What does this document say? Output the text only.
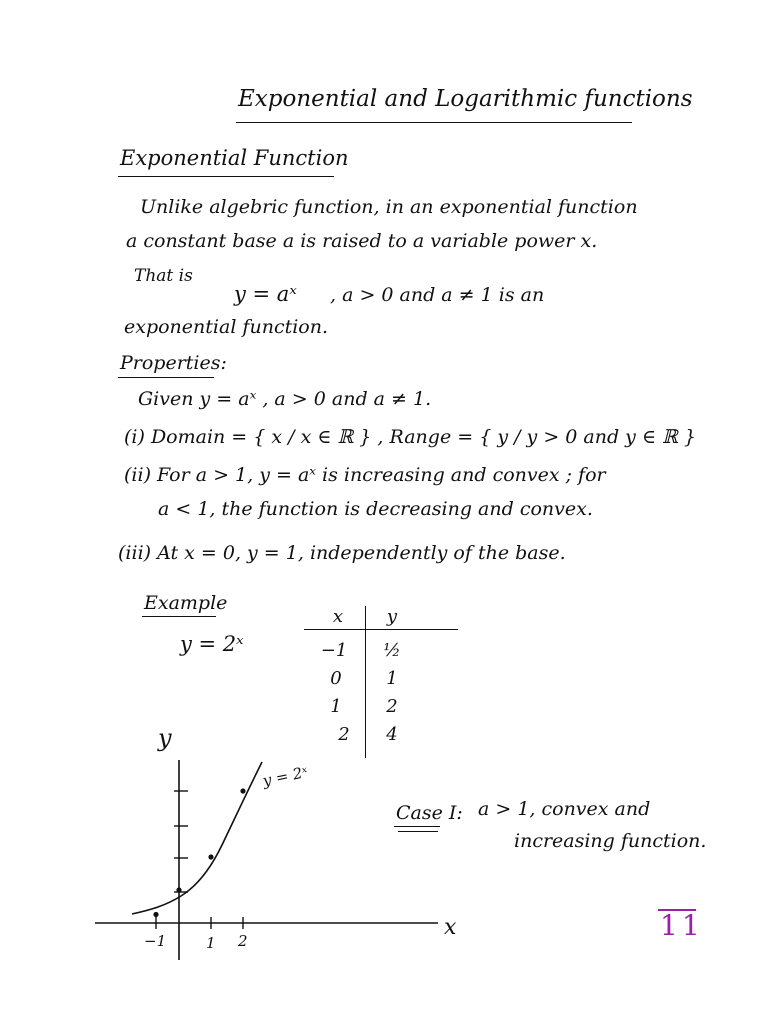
Exponential and Logarithmic functions
Exponential Function
Unlike algebric function, in an exponential function
a constant base a is raised to a variable power x.
That is
y = aˣ , a > 0 and a ≠ 1 is an
exponential function.
Properties:
Given y = aˣ , a > 0 and a ≠ 1.
(i) Domain = { x / x ∈ ℝ } , Range = { y / y > 0 and y ∈ ℝ }
(ii) For a > 1, y = aˣ is increasing and convex ; for
a < 1, the function is decreasing and convex.
(iii) At x = 0, y = 1, independently of the base.
Example
y = 2ˣ
x	y
−1	½
0	1
1	2
2	4
−1	1 2
y
x
y = 2ˣ
Case I: a > 1, convex and
increasing function.
11
